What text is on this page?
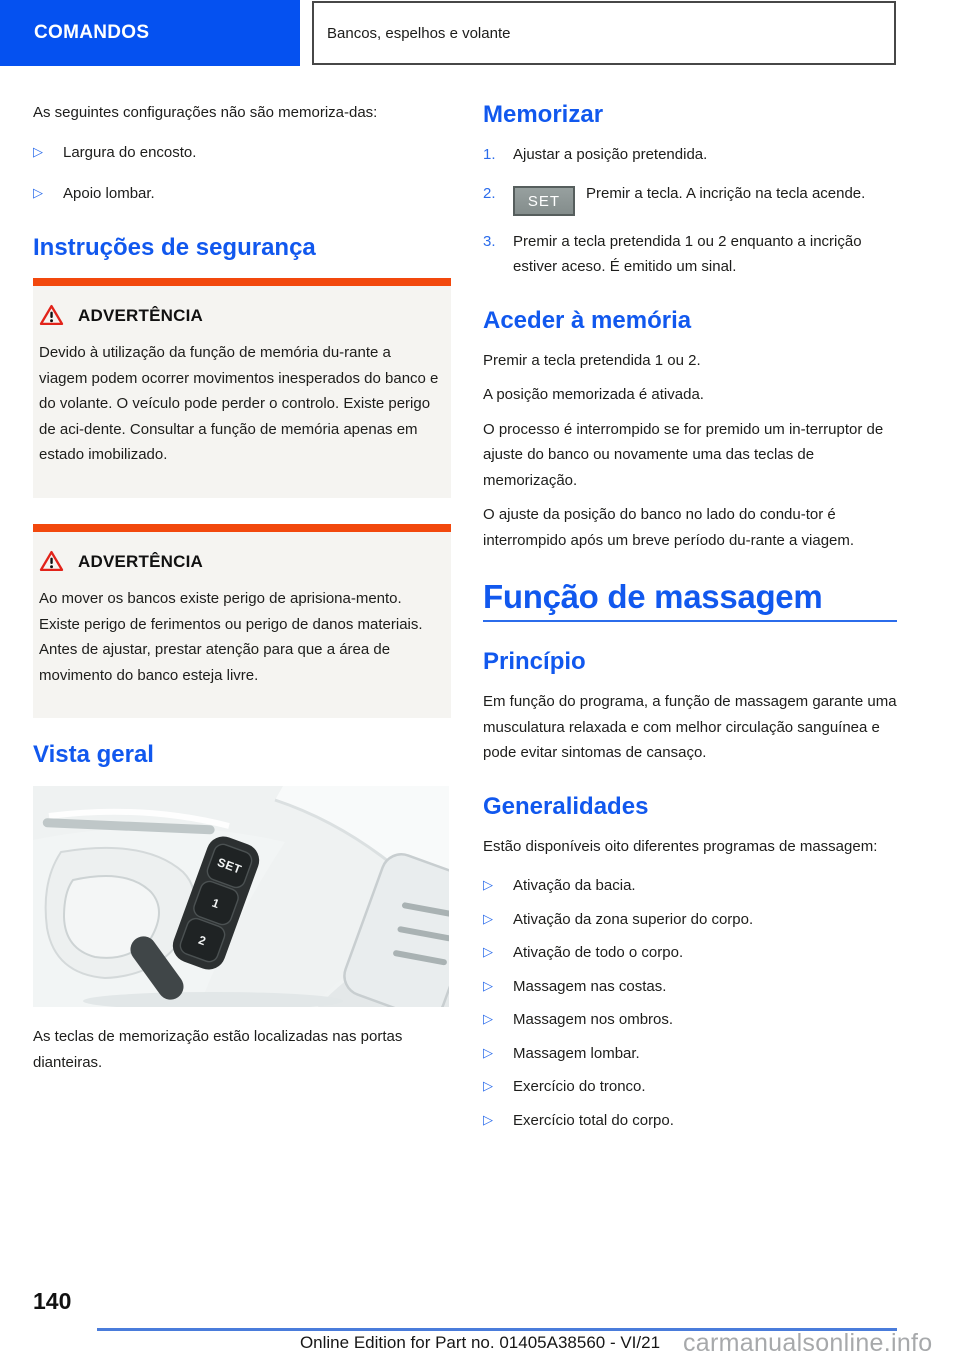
COMANDOS	Bancos, espelhos e volante

As seguintes configurações não são memoriza-das:

▷	Largura do encosto.
▷	Apoio lombar.
Instruções de segurança
ADVERTÊNCIA

Devido à utilização da função de memória du-rante a viagem podem ocorrer movimentos inesperados do banco e do volante. O veículo pode perder o controlo. Existe perigo de aci-dente. Consultar a função de memória apenas em estado imobilizado.

ADVERTÊNCIA

Ao mover os bancos existe perigo de aprisiona-mento. Existe perigo de ferimentos ou perigo de danos materiais. Antes de ajustar, prestar atenção para que a área de movimento do banco esteja livre.

Vista geral
SET
1
2

As teclas de memorização estão localizadas nas portas dianteiras.

Memorizar
1.	Ajustar a posição pretendida.
2.	SET Premir a tecla. A incrição na tecla acende.
3.	Premir a tecla pretendida 1 ou 2 enquanto a incrição estiver aceso. É emitido um sinal.
Aceder à memória

Premir a tecla pretendida 1 ou 2.

A posição memorizada é ativada.

O processo é interrompido se for premido um in-terruptor de ajuste do banco ou novamente uma das teclas de memorização.

O ajuste da posição do banco no lado do condu-tor é interrompido após um breve período du-rante a viagem.

Função de massagem
Princípio

Em função do programa, a função de massagem garante uma musculatura relaxada e com melhor circulação sanguínea e pode evitar sintomas de cansaço.

Generalidades

Estão disponíveis oito diferentes programas de massagem:

▷	Ativação da bacia.
▷	Ativação da zona superior do corpo.
▷	Ativação de todo o corpo.
▷	Massagem nas costas.
▷	Massagem nos ombros.
▷	Massagem lombar.
▷	Exercício do tronco.
▷	Exercício total do corpo.
140
Online Edition for Part no. 01405A38560 - VI/21 carmanualsonline.info
